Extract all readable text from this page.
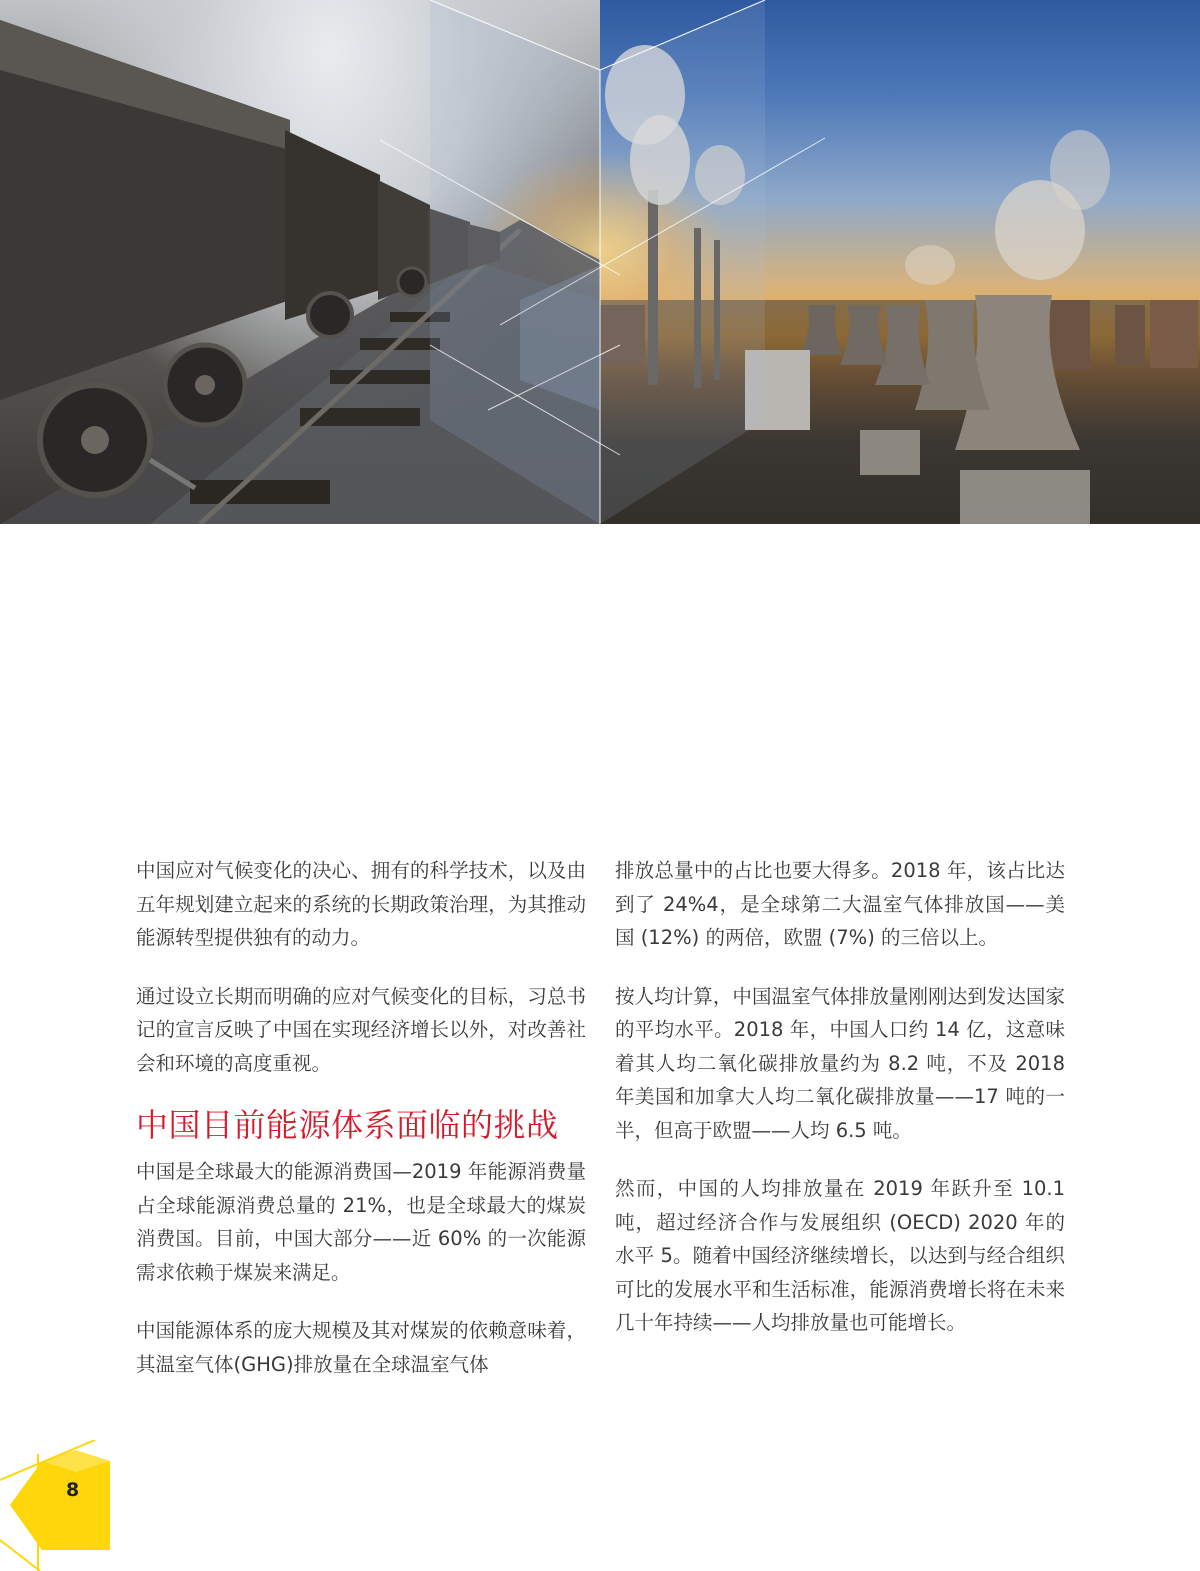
中国应对气候变化的决心、拥有的科学技术，以及由五年规划建立起来的系统的长期政策治理，为其推动能源转型提供独有的动力。

通过设立长期而明确的应对气候变化的目标，习总书记的宣言反映了中国在实现经济增长以外，对改善社会和环境的高度重视。

中国目前能源体系面临的挑战

中国是全球最大的能源消费国—2019 年能源消费量占全球能源消费总量的 21%，也是全球最大的煤炭消费国。目前，中国大部分——近 60% 的一次能源需求依赖于煤炭来满足。

中国能源体系的庞大规模及其对煤炭的依赖意味着，其温室气体(GHG)排放量在全球温室气体

排放总量中的占比也要大得多。2018 年，该占比达到了 24%4，是全球第二大温室气体排放国——美国 (12%) 的两倍，欧盟 (7%) 的三倍以上。

按人均计算，中国温室气体排放量刚刚达到发达国家的平均水平。2018 年，中国人口约 14 亿，这意味着其人均二氧化碳排放量约为 8.2 吨，不及 2018 年美国和加拿大人均二氧化碳排放量——17 吨的一半，但高于欧盟——人均 6.5 吨。

然而，中国的人均排放量在 2019 年跃升至 10.1 吨，超过经济合作与发展组织 (OECD) 2020 年的水平 5。随着中国经济继续增长，以达到与经合组织可比的发展水平和生活标准，能源消费增长将在未来几十年持续——人均排放量也可能增长。

8
